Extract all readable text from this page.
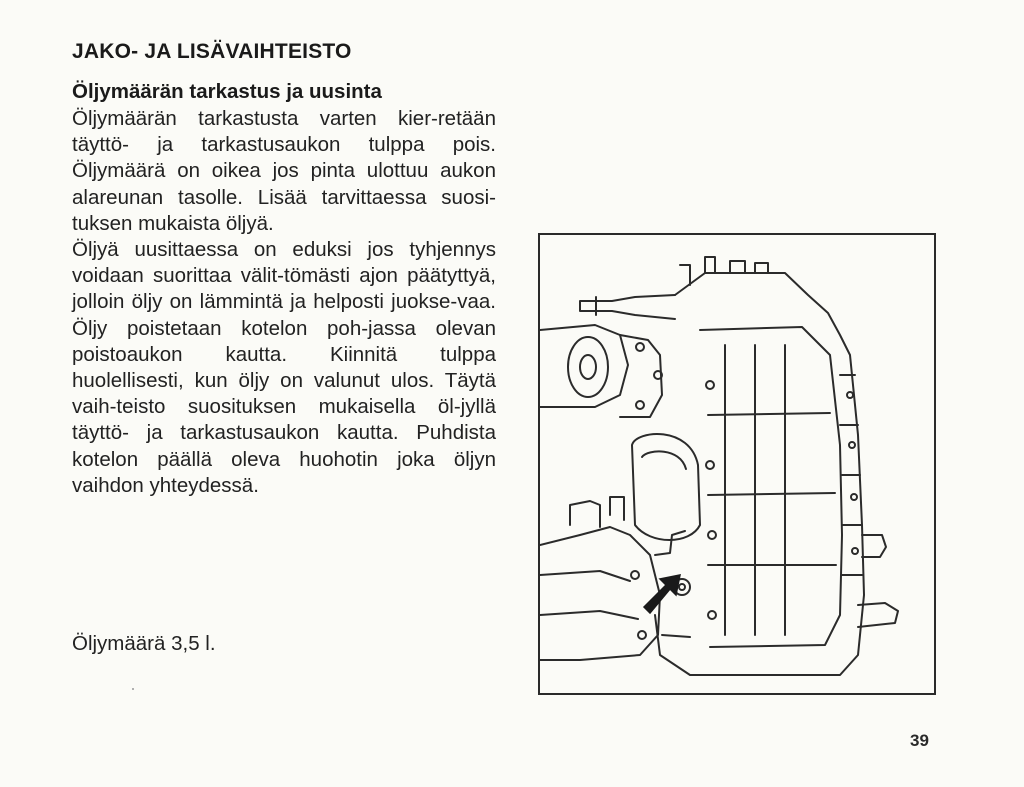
JAKO- JA LISÄVAIHTEISTO
Öljymäärän tarkastus ja uusinta

Öljymäärän tarkastusta varten kier-retään täyttö- ja tarkastusaukon tulppa pois. Öljymäärä on oikea jos pinta ulottuu aukon alareunan tasolle. Lisää tarvittaessa suosi-tuksen mukaista öljyä.

Öljyä uusittaessa on eduksi jos tyhjennys voidaan suorittaa välit-tömästi ajon päätyttyä, jolloin öljy on lämmintä ja helposti juokse-vaa. Öljy poistetaan kotelon poh-jassa olevan poistoaukon kautta. Kiinnitä tulppa huolellisesti, kun öljy on valunut ulos. Täytä vaih-teisto suosituksen mukaisella öl-jyllä täyttö- ja tarkastusaukon kautta. Puhdista kotelon päällä oleva huohotin joka öljyn vaihdon yhteydessä.

Öljymäärä 3,5 l.
39
